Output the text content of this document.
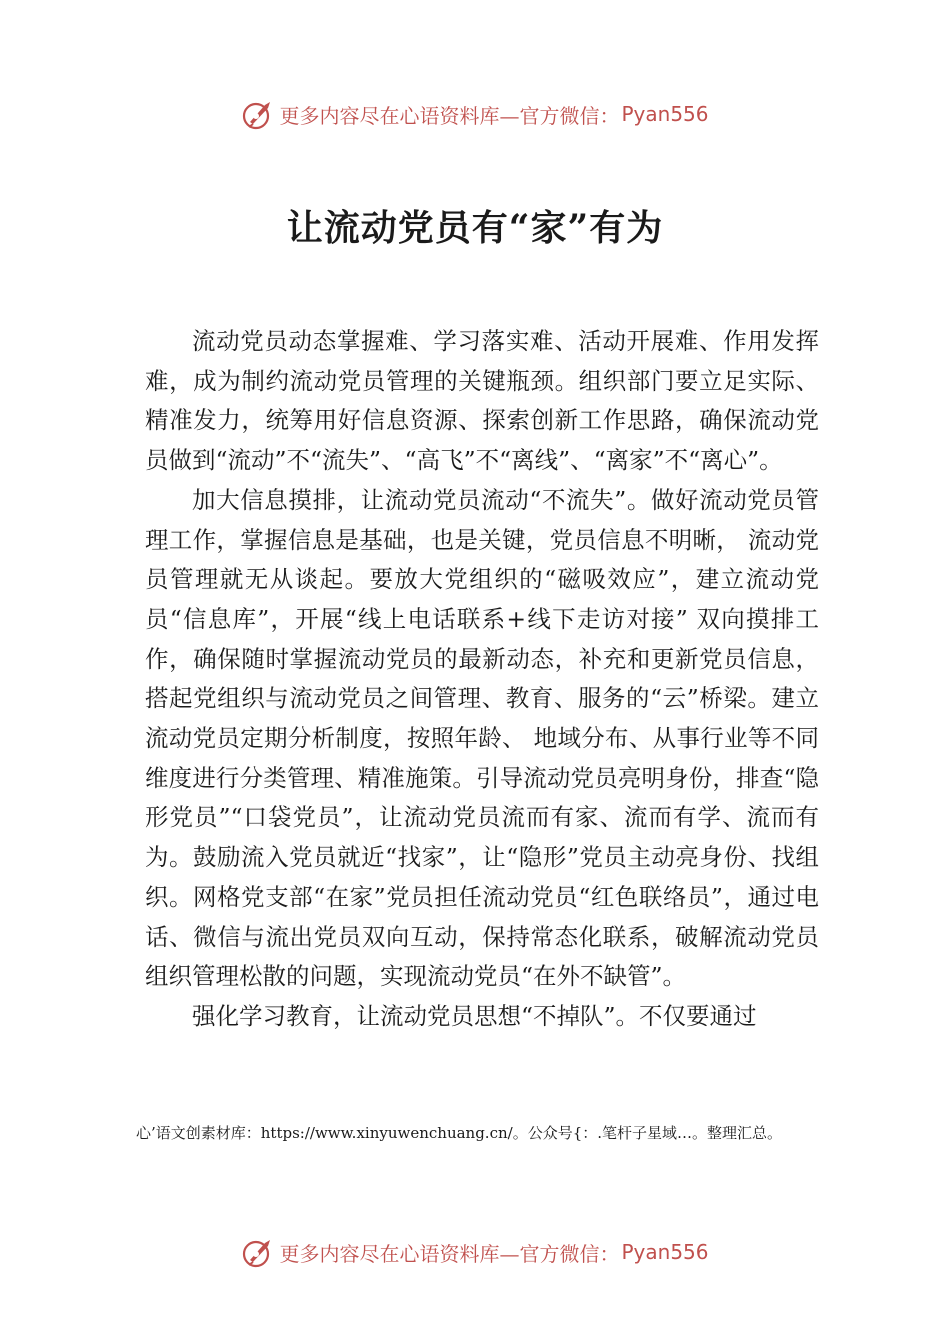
更多内容尽在心语资料库—官方微信： Pyan556
让流动党员有“家”有为

流动党员动态掌握难、学习落实难、活动开展难、作用发挥难，成为制约流动党员管理的关键瓶颈。组织部门要立足实际、精准发力，统筹用好信息资源、探索创新工作思路，确保流动党员做到“流动”不“流失”、“高飞”不“离线”、“离家”不“离心”。

加大信息摸排，让流动党员流动“不流失”。做好流动党员管理工作，掌握信息是基础，也是关键，党员信息不明晰， 流动党员管理就无从谈起。要放大党组织的“磁吸效应”，建立流动党员“信息库”，开展“线上电话联系+线下走访对接” 双向摸排工作，确保随时掌握流动党员的最新动态，补充和更新党员信息，搭起党组织与流动党员之间管理、教育、服务的“云”桥梁。建立流动党员定期分析制度，按照年龄、 地域分布、从事行业等不同维度进行分类管理、精准施策。引导流动党员亮明身份，排查“隐形党员”“口袋党员”，让流动党员流而有家、流而有学、流而有为。鼓励流入党员就近“找家”，让“隐形”党员主动亮身份、找组织。网格党支部“在家”党员担任流动党员“红色联络员”，通过电话、微信与流出党员双向互动，保持常态化联系，破解流动党员组织管理松散的问题，实现流动党员“在外不缺管”。

强化学习教育，让流动党员思想“不掉队”。不仅要通过

心’语文创素材库：https://www.xinyuwenchuang.cn/。公众号{：.笔杆子星域…。整理汇总。
更多内容尽在心语资料库—官方微信： Pyan556
